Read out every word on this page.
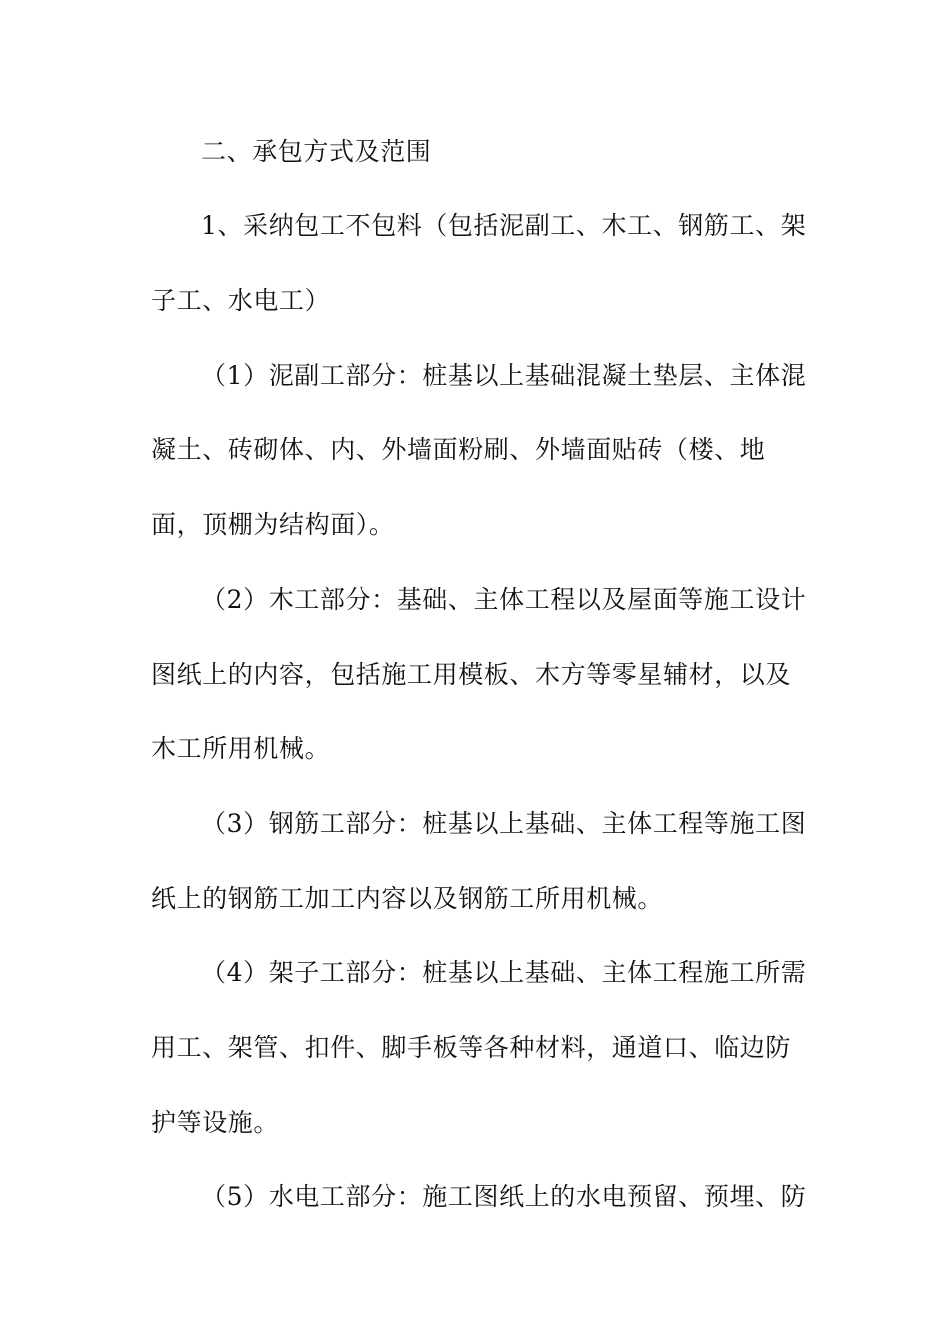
二、承包方式及范围
1、采纳包工不包料（包括泥副工、木工、钢筋工、架
子工、水电工）
（1）泥副工部分：桩基以上基础混凝土垫层、主体混
凝土、砖砌体、内、外墙面粉刷、外墙面贴砖（楼、地
面，顶棚为结构面）。
（2）木工部分：基础、主体工程以及屋面等施工设计
图纸上的内容，包括施工用模板、木方等零星辅材，以及
木工所用机械。
（3）钢筋工部分：桩基以上基础、主体工程等施工图
纸上的钢筋工加工内容以及钢筋工所用机械。
（4）架子工部分：桩基以上基础、主体工程施工所需
用工、架管、扣件、脚手板等各种材料，通道口、临边防
护等设施。
（5）水电工部分：施工图纸上的水电预留、预埋、防
